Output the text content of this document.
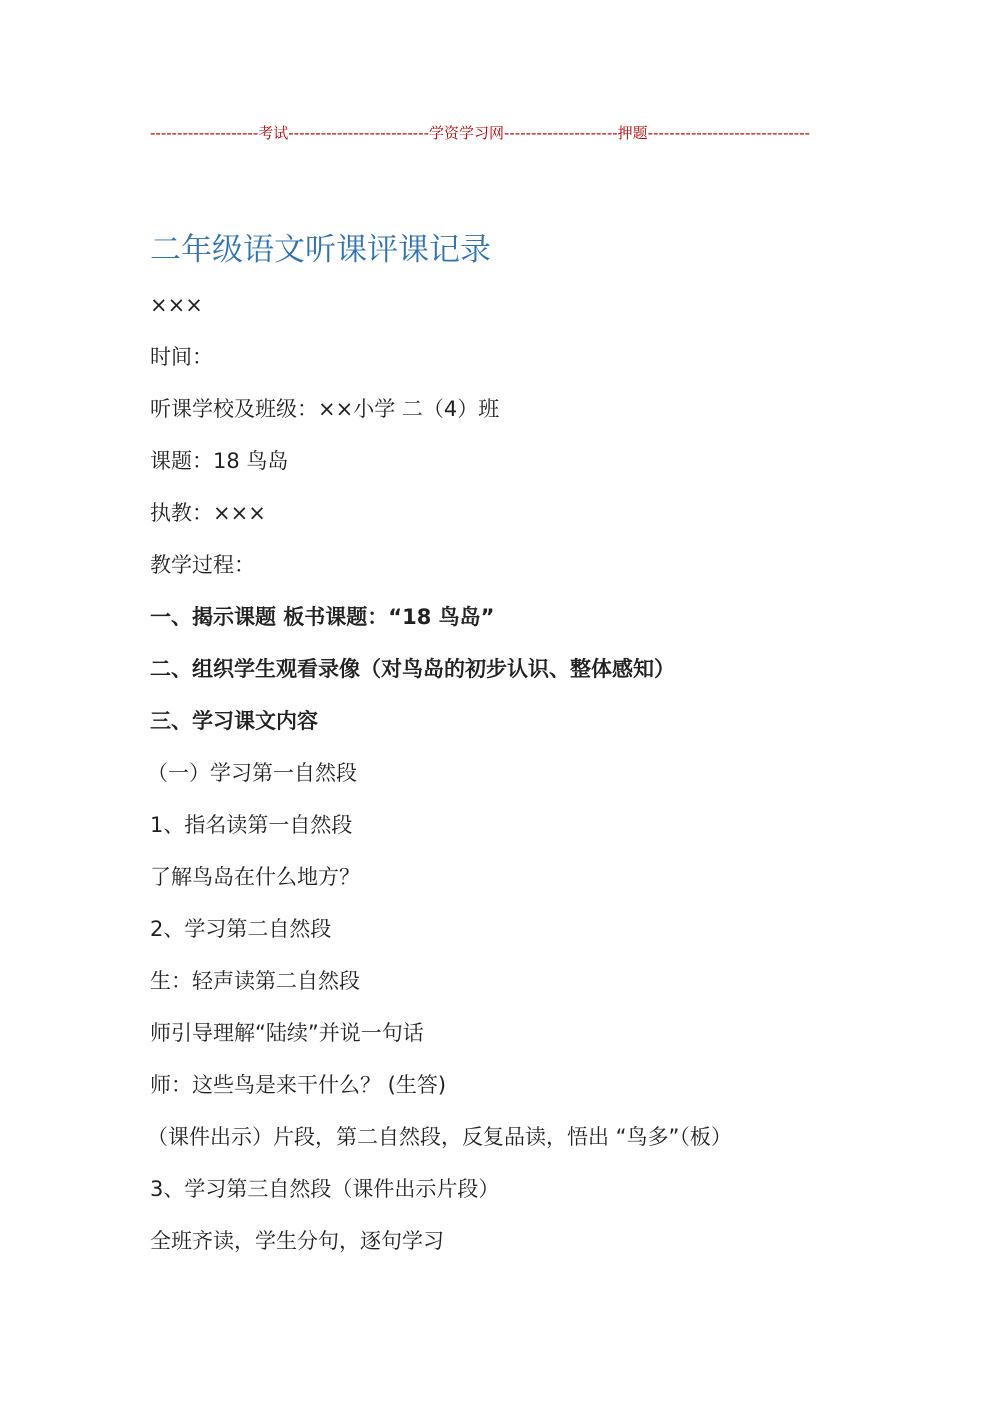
--------------------考试--------------------------学资学习网---------------------押题------------------------------
二年级语文听课评课记录
×××
时间：
听课学校及班级：××小学 二（4）班
课题：18 鸟岛
执教：×××
教学过程：
一、揭示课题 板书课题：“18 鸟岛”
二、组织学生观看录像（对鸟岛的初步认识、整体感知）
三、学习课文内容
（一）学习第一自然段
1、指名读第一自然段
了解鸟岛在什么地方？
2、学习第二自然段
生：轻声读第二自然段
师引导理解“陆续”并说一句话
师：这些鸟是来干什么？ (生答)
（课件出示）片段，第二自然段，反复品读，悟出 “鸟多”（板）
3、学习第三自然段（课件出示片段）
全班齐读，学生分句，逐句学习
